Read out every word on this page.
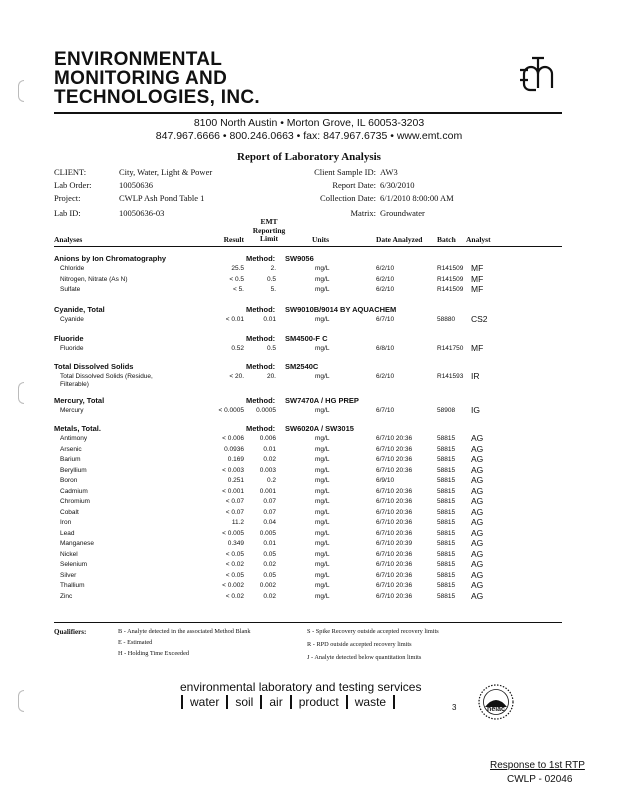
ENVIRONMENTAL
MONITORING AND
TECHNOLOGIES, INC.
8100 North Austin • Morton Grove, IL 60053-3203
847.967.6666 • 800.246.0663 • fax: 847.967.6735 • www.emt.com
Report of Laboratory Analysis
CLIENT:	City, Water, Light & Power
Lab Order:	10050636
Project:	CWLP Ash Pond Table 1
Lab ID:	10050636-03
Client Sample ID: AW3
Report Date: 6/30/2010
Collection Date: 6/1/2010 8:00:00 AM
Matrix: Groundwater
Analyses	Result
EMT
Reporting
Limit	Units	Date Analyzed Batch Analyst
Anions by Ion Chromatography	Method: SW9056
Chloride	25.5	2.	mg/L	6/2/10	R141509 MF
Nitrogen, Nitrate (As N)	< 0.5	0.5	mg/L	6/2/10	R141509 MF
Sulfate	< 5.	5.	mg/L	6/2/10	R141509 MF
Cyanide, Total	Method: SW9010B/9014 BY AQUACHEM
Cyanide	< 0.01	0.01	mg/L	6/7/10	58880 CS2
Fluoride	Method: SM4500-F C
Fluoride	0.52	0.5	mg/L	6/8/10	R141750 MF
Total Dissolved Solids	Method: SM2540C
Total Dissolved Solids (Residue, Filterable)
< 20.	20.	mg/L	6/2/10	R141593 IR
Mercury, Total	Method: SW7470A / HG PREP
Mercury	< 0.0005	0.0005	mg/L	6/7/10	58908 IG
Metals, Total.	Method: SW6020A / SW3015
Antimony	< 0.006	0.006	mg/L	6/7/10 20:36	58815 AG
Arsenic	0.0936	0.01	mg/L	6/7/10 20:36	58815 AG
Barium	0.169	0.02	mg/L	6/7/10 20:36	58815 AG
Beryllium	< 0.003	0.003	mg/L	6/7/10 20:36	58815 AG
Boron	0.251	0.2	mg/L	6/9/10	58815 AG
Cadmium	< 0.001	0.001	mg/L	6/7/10 20:36	58815 AG
Chromium	< 0.07	0.07	mg/L	6/7/10 20:36	58815 AG
Cobalt	< 0.07	0.07	mg/L	6/7/10 20:36	58815 AG
Iron	11.2	0.04	mg/L	6/7/10 20:36	58815 AG
Lead	< 0.005	0.005	mg/L	6/7/10 20:36	58815 AG
Manganese	0.349	0.01	mg/L	6/7/10 20:39	58815 AG
Nickel	< 0.05	0.05	mg/L	6/7/10 20:36	58815 AG
Selenium	< 0.02	0.02	mg/L	6/7/10 20:36	58815 AG
Silver	< 0.05	0.05	mg/L	6/7/10 20:36	58815 AG
Thallium	< 0.002	0.002	mg/L	6/7/10 20:36	58815 AG
Zinc	< 0.02	0.02	mg/L	6/7/10 20:36	58815 AG
Qualifiers:	B - Analyte detected in the associated Method Blank
E - Estimated
H - Holding Time Exceeded
S - Spike Recovery outside accepted recovery limits
R - RPD outside accepted recovery limits
J - Analyte detected below quantitation limits
environmental laboratory and testing services
water	soil	air	product	waste	3	nelac
Response to 1st RTP
CWLP - 02046
